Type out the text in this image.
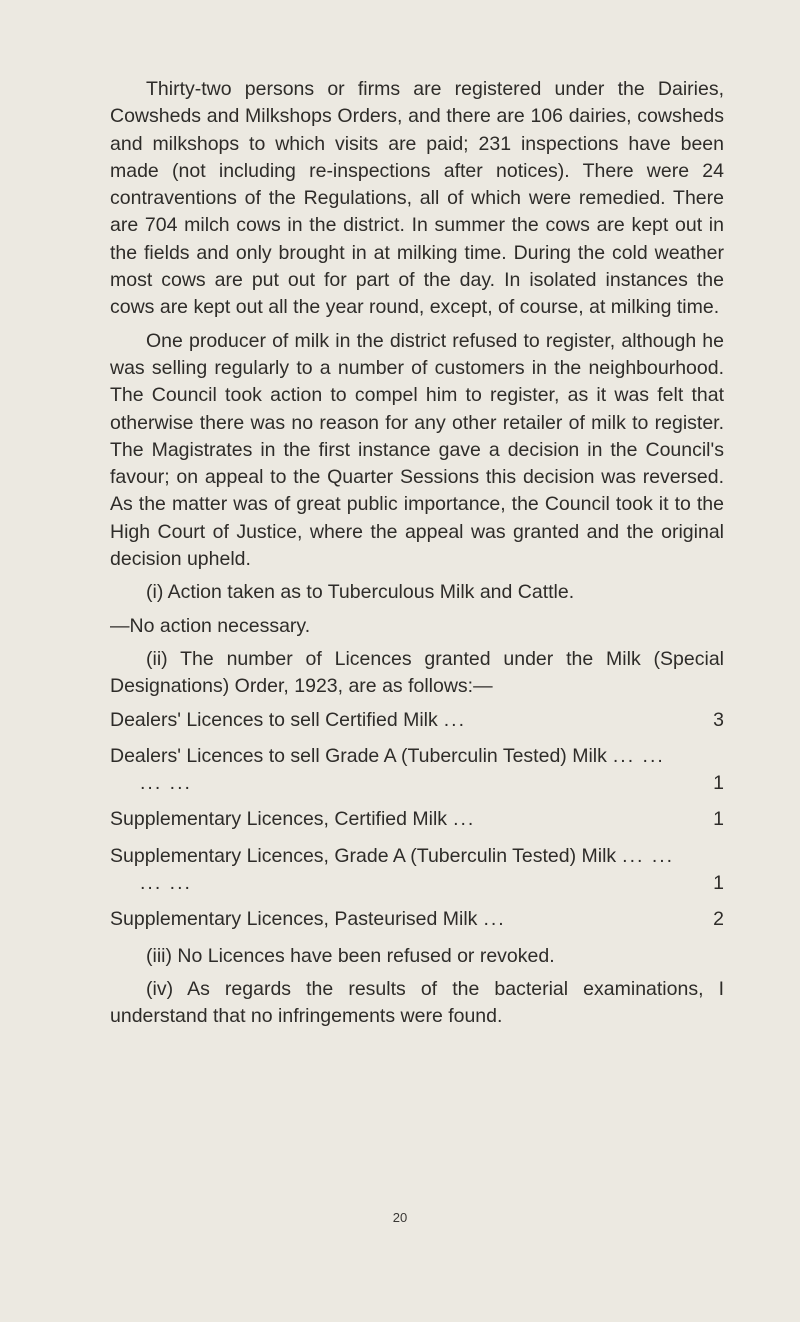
Thirty-two persons or firms are registered under the Dairies, Cowsheds and Milkshops Orders, and there are 106 dairies, cowsheds and milkshops to which visits are paid; 231 inspections have been made (not including re-inspections after notices). There were 24 contraventions of the Regulations, all of which were remedied. There are 704 milch cows in the district. In summer the cows are kept out in the fields and only brought in at milking time. During the cold weather most cows are put out for part of the day. In isolated instances the cows are kept out all the year round, except, of course, at milking time.

One producer of milk in the district refused to register, although he was selling regularly to a number of customers in the neighbourhood. The Council took action to compel him to register, as it was felt that otherwise there was no reason for any other retailer of milk to register. The Magistrates in the first instance gave a decision in the Council's favour; on appeal to the Quarter Sessions this decision was reversed. As the matter was of great public importance, the Council took it to the High Court of Justice, where the appeal was granted and the original decision upheld.

(i) Action taken as to Tuberculous Milk and Cattle.

—No action necessary.

(ii) The number of Licences granted under the Milk (Special Designations) Order, 1923, are as follows:—

Dealers' Licences to sell Certified Milk ...	3
Dealers' Licences to sell Grade A (Tuberculin Tested) Milk ... ... ... ...	1
Supplementary Licences, Certified Milk ...	1
Supplementary Licences, Grade A (Tuberculin Tested) Milk ... ... ... ...	1
Supplementary Licences, Pasteurised Milk ...	2

(iii) No Licences have been refused or revoked.

(iv) As regards the results of the bacterial examinations, I understand that no infringements were found.

20
